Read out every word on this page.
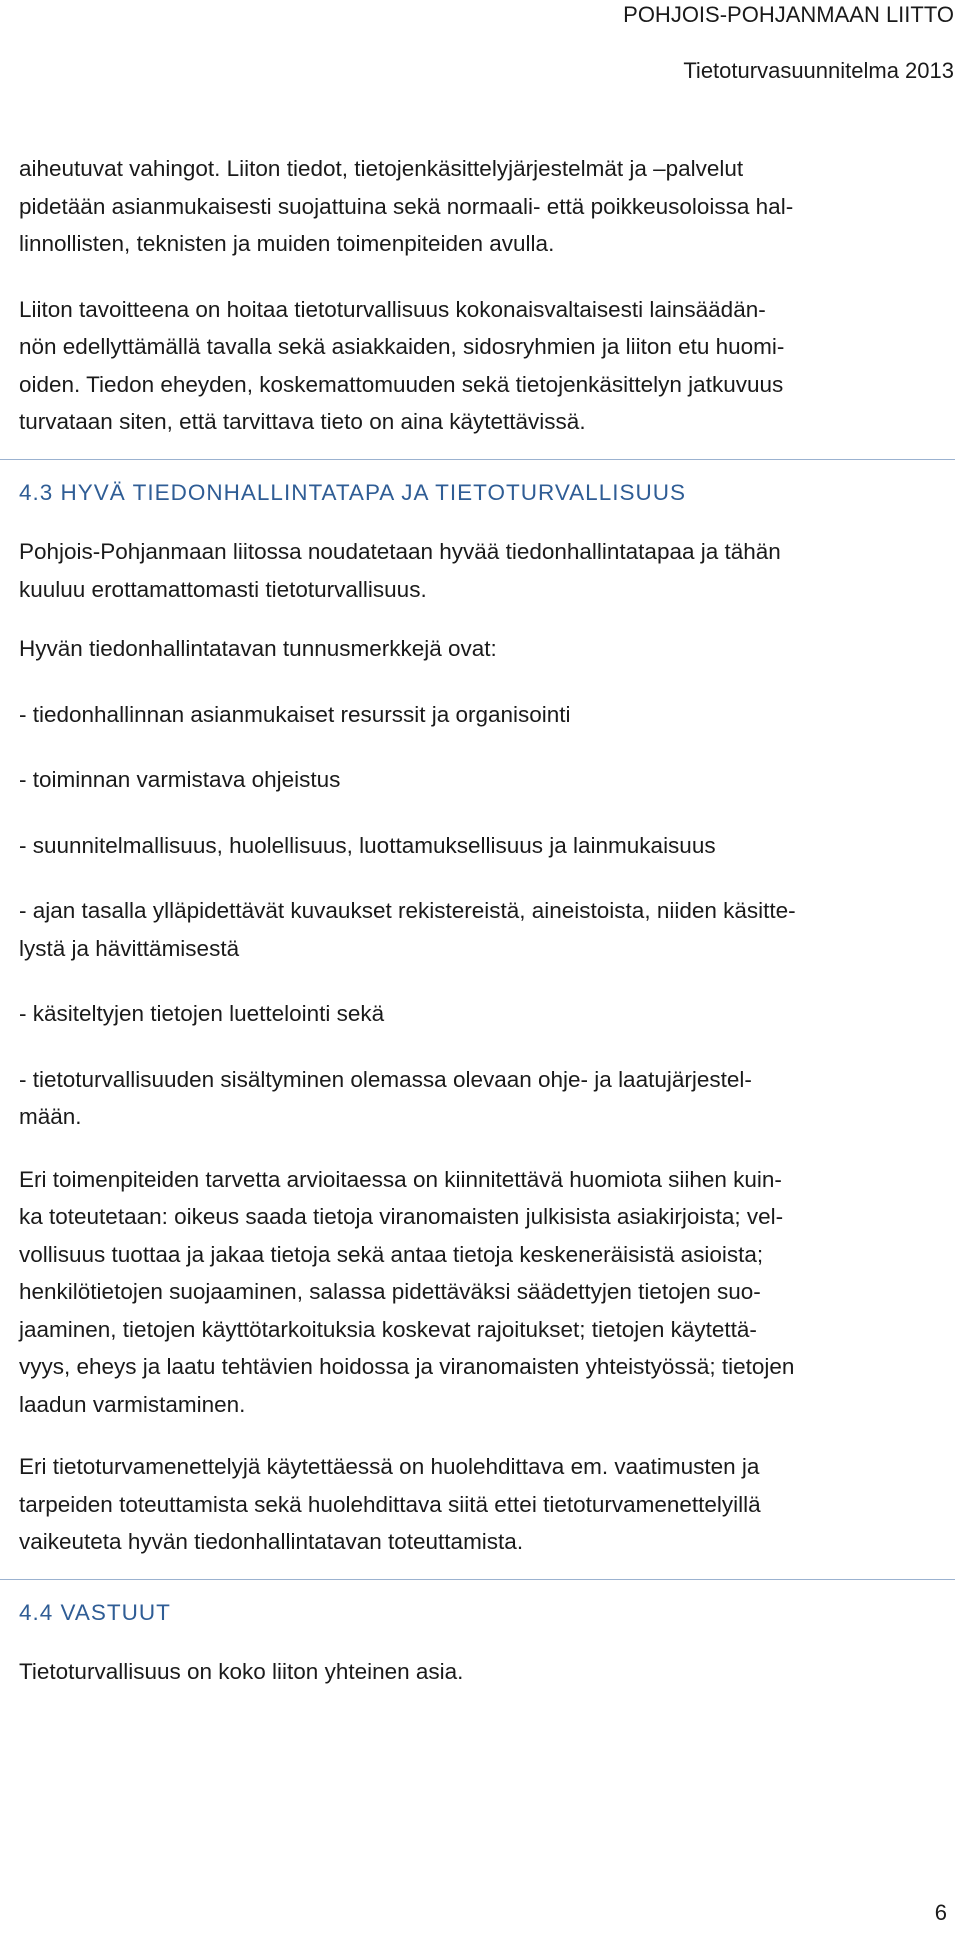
POHJOIS-POHJANMAAN LIITTO
Tietoturvasuunnitelma 2013

aiheutuvat vahingot. Liiton tiedot, tietojenkäsittelyjärjestelmät ja –palvelut
pidetään asianmukaisesti suojattuina sekä normaali- että poikkeusoloissa hal-
linnollisten, teknisten ja muiden toimenpiteiden avulla.

Liiton tavoitteena on hoitaa tietoturvallisuus kokonaisvaltaisesti lainsäädän-
nön edellyttämällä tavalla sekä asiakkaiden, sidosryhmien ja liiton etu huomi-
oiden. Tiedon eheyden, koskemattomuuden sekä tietojenkäsittelyn jatkuvuus
turvataan siten, että tarvittava tieto on aina käytettävissä.

4.3 HYVÄ TIEDONHALLINTATAPA JA TIETOTURVALLISUUS

Pohjois-Pohjanmaan liitossa noudatetaan hyvää tiedonhallintatapaa ja tähän
kuuluu erottamattomasti tietoturvallisuus.

Hyvän tiedonhallintatavan tunnusmerkkejä ovat:

- tiedonhallinnan asianmukaiset resurssit ja organisointi
- toiminnan varmistava ohjeistus
- suunnitelmallisuus, huolellisuus, luottamuksellisuus ja lainmukaisuus
- ajan tasalla ylläpidettävät kuvaukset rekistereistä, aineistoista, niiden käsitte-
lystä ja hävittämisestä
- käsiteltyjen tietojen luettelointi sekä
- tietoturvallisuuden sisältyminen olemassa olevaan ohje- ja laatujärjestel-
mään.

Eri toimenpiteiden tarvetta arvioitaessa on kiinnitettävä huomiota siihen kuin-
ka toteutetaan: oikeus saada tietoja viranomaisten julkisista asiakirjoista; vel-
vollisuus tuottaa ja jakaa tietoja sekä antaa tietoja keskeneräisistä asioista;
henkilötietojen suojaaminen, salassa pidettäväksi säädettyjen tietojen suo-
jaaminen, tietojen käyttötarkoituksia koskevat rajoitukset; tietojen käytettä-
vyys, eheys ja laatu tehtävien hoidossa ja viranomaisten yhteistyössä; tietojen
laadun varmistaminen.

Eri tietoturvamenettelyjä käytettäessä on huolehdittava em. vaatimusten ja
tarpeiden toteuttamista sekä huolehdittava siitä ettei tietoturvamenettelyillä
vaikeuteta hyvän tiedonhallintatavan toteuttamista.

4.4 VASTUUT

Tietoturvallisuus on koko liiton yhteinen asia.

6
